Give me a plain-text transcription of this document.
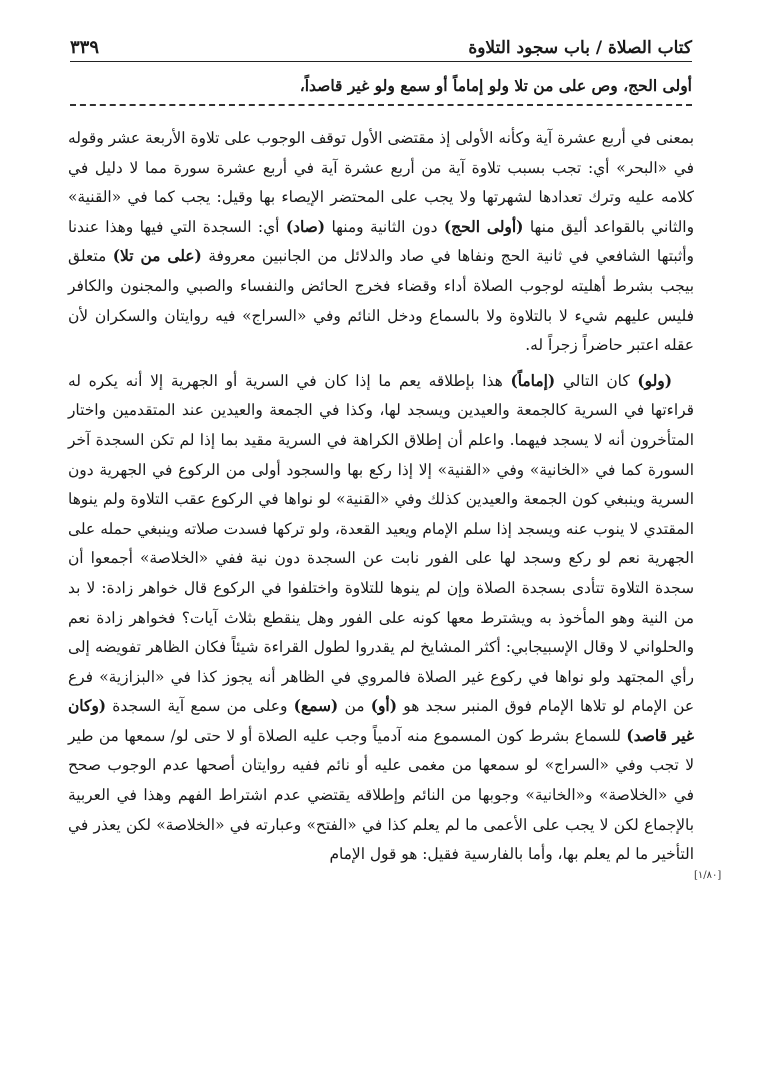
كتاب الصلاة / باب سجود التلاوة
٣٣٩
أولى الحج، وص على من تلا ولو إماماً أو سمع ولو غير قاصداً،

بمعنى في أربع عشرة آية وكأنه الأولى إذ مقتضى الأول توقف الوجوب على تلاوة الأربعة عشر وقوله في «البحر» أي: تجب بسبب تلاوة آية من أربع عشرة آية في أربع عشرة سورة مما لا دليل في كلامه عليه وترك تعدادها لشهرتها ولا يجب على المحتضر الإيصاء بها وقيل: يجب كما في «القنية» والثاني بالقواعد أليق منها (أولى الحج) دون الثانية ومنها (صاد) أي: السجدة التي فيها وهذا عندنا وأثبتها الشافعي في ثانية الحج ونفاها في صاد والدلائل من الجانبين معروفة (على من تلا) متعلق بيجب بشرط أهليته لوجوب الصلاة أداء وقضاء فخرج الحائض والنفساء والصبي والمجنون والكافر فليس عليهم شيء لا بالتلاوة ولا بالسماع ودخل النائم وفي «السراج» فيه روايتان والسكران لأن عقله اعتبر حاضراً زجراً له.

(ولو) كان التالي (إماماً) هذا بإطلاقه يعم ما إذا كان في السرية أو الجهرية إلا أنه يكره له قراءتها في السرية كالجمعة والعيدين ويسجد لها، وكذا في الجمعة والعيدين عند المتقدمين واختار المتأخرون أنه لا يسجد فيهما. واعلم أن إطلاق الكراهة في السرية مقيد بما إذا لم تكن السجدة آخر السورة كما في «الخانية» وفي «القنية» إلا إذا ركع بها والسجود أولى من الركوع في الجهرية دون السرية وينبغي كون الجمعة والعيدين كذلك وفي «القنية» لو نواها في الركوع عقب التلاوة ولم ينوها المقتدي لا ينوب عنه ويسجد إذا سلم الإمام ويعيد القعدة، ولو تركها فسدت صلاته وينبغي حمله على الجهرية نعم لو ركع وسجد لها على الفور نابت عن السجدة دون نية ففي «الخلاصة» أجمعوا أن سجدة التلاوة تتأدى بسجدة الصلاة وإن لم ينوها للتلاوة واختلفوا في الركوع قال خواهر زادة: لا بد من النية وهو المأخوذ به ويشترط معها كونه على الفور وهل ينقطع بثلاث آيات؟ فخواهر زادة نعم والحلواني لا وقال الإسبيجابي: أكثر المشايخ لم يقدروا لطول القراءة شيئاً فكان الظاهر تفويضه إلى رأي المجتهد ولو نواها في ركوع غير الصلاة فالمروي في الظاهر أنه يجوز كذا في «البزازية» فرع عن الإمام لو تلاها الإمام فوق المنبر سجد هو (أو) من (سمع) وعلى من سمع آية السجدة (وكان غير قاصد) للسماع بشرط كون المسموع منه آدمياً وجب عليه الصلاة أو لا حتى لو/ سمعها من طير لا تجب وفي «السراج» لو سمعها من مغمى عليه أو نائم ففيه روايتان أصحها عدم الوجوب صحح في «الخلاصة» و«الخانية» وجوبها من النائم وإطلاقه يقتضي عدم اشتراط الفهم وهذا في العربية بالإجماع لكن لا يجب على الأعمى ما لم يعلم كذا في «الفتح» وعبارته في «الخلاصة» لكن يعذر في التأخير ما لم يعلم بها، وأما بالفارسية فقيل: هو قول الإمام

[١/٨٠]
